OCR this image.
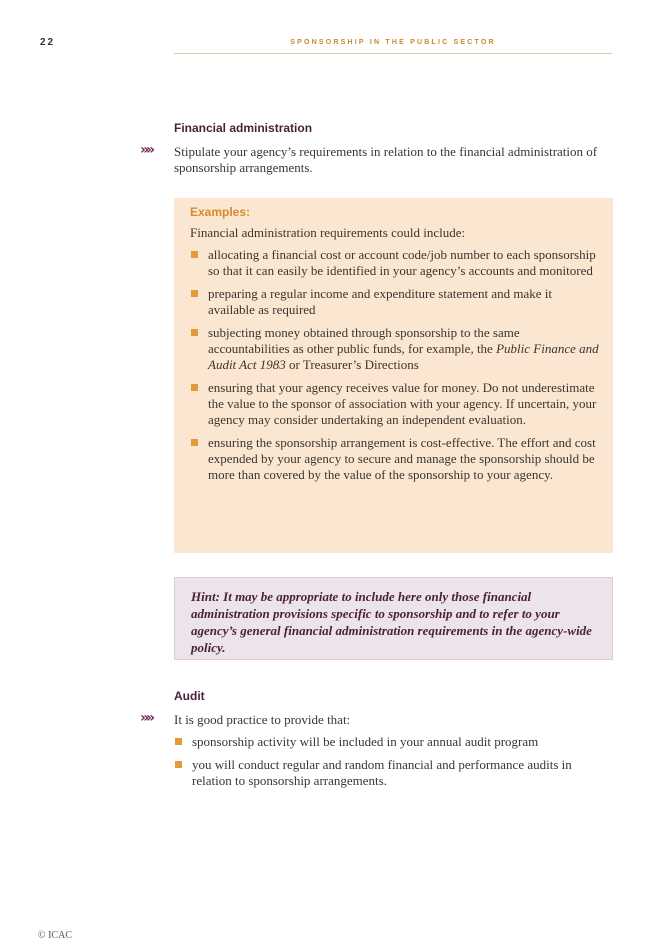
22	SPONSORSHIP IN THE PUBLIC SECTOR
Financial administration
»» Stipulate your agency’s requirements in relation to the financial administration of sponsorship arrangements.
Examples:
Financial administration requirements could include:
allocating a financial cost or account code/job number to each sponsorship so that it can easily be identified in your agency’s accounts and monitored
preparing a regular income and expenditure statement and make it available as required
subjecting money obtained through sponsorship to the same accountabilities as other public funds, for example, the Public Finance and Audit Act 1983 or Treasurer’s Directions
ensuring that your agency receives value for money. Do not underestimate the value to the sponsor of association with your agency. If uncertain, your agency may consider undertaking an independent evaluation.
ensuring the sponsorship arrangement is cost-effective. The effort and cost expended by your agency to secure and manage the sponsorship should be more than covered by the value of the sponsorship to your agency.
Hint: It may be appropriate to include here only those financial administration provisions specific to sponsorship and to refer to your agency’s general financial administration requirements in the agency-wide policy.
Audit
»» It is good practice to provide that:
sponsorship activity will be included in your annual audit program
you will conduct regular and random financial and performance audits in relation to sponsorship arrangements.
© ICAC
